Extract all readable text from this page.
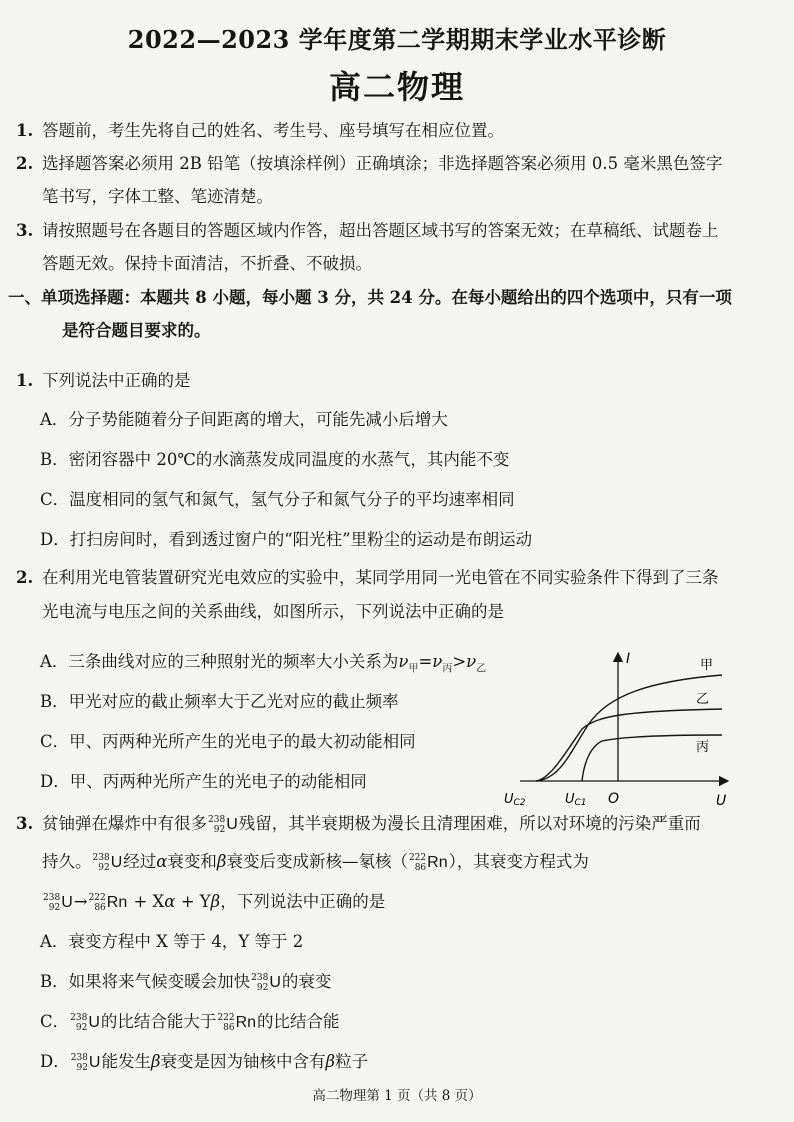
2022—2023 学年度第二学期期末学业水平诊断
高二物理
1. 答题前，考生先将自己的姓名、考生号、座号填写在相应位置。
2. 选择题答案必须用 2B 铅笔（按填涂样例）正确填涂；非选择题答案必须用 0.5 毫米黑色签字
笔书写，字体工整、笔迹清楚。
3. 请按照题号在各题目的答题区域内作答，超出答题区域书写的答案无效；在草稿纸、试题卷上
答题无效。保持卡面清洁，不折叠、不破损。
一、单项选择题：本题共 8 小题，每小题 3 分，共 24 分。在每小题给出的四个选项中，只有一项
是符合题目要求的。
1. 下列说法中正确的是
A．分子势能随着分子间距离的增大，可能先减小后增大
B．密闭容器中 20℃的水滴蒸发成同温度的水蒸气，其内能不变
C．温度相同的氢气和氮气，氢气分子和氮气分子的平均速率相同
D．打扫房间时，看到透过窗户的“阳光柱”里粉尘的运动是布朗运动
2. 在利用光电管装置研究光电效应的实验中，某同学用同一光电管在不同实验条件下得到了三条
光电流与电压之间的关系曲线，如图所示，下列说法中正确的是
A．三条曲线对应的三种照射光的频率大小关系为$\nu_甲=\nu_丙>\nu_乙$
B．甲光对应的截止频率大于乙光对应的截止频率
C．甲、丙两种光所产生的光电子的最大初动能相同
D．甲、丙两种光所产生的光电子的动能相同
I
U
O
UC2	UC1
甲
乙
丙
3. 贫铀弹在爆炸中有很多 238
92 U 残留，其半衰期极为漫长且清理困难，所以对环境的污染严重而
持久。 238
92 U 经过α衰变和β衰变后变成新核—氡核（ 222
86 Rn ），其衰变方程式为
238
92 U → 222
86 Rn + Xα + Yβ，下列说法中正确的是
A．衰变方程中 X 等于 4，Y 等于 2
B．如果将来气候变暖会加快 238
92 U 的衰变
C． 238
92 U 的比结合能大于 222
86 Rn 的比结合能
D． 238
92 U 能发生β衰变是因为铀核中含有β粒子
高二物理第 1 页（共 8 页）
